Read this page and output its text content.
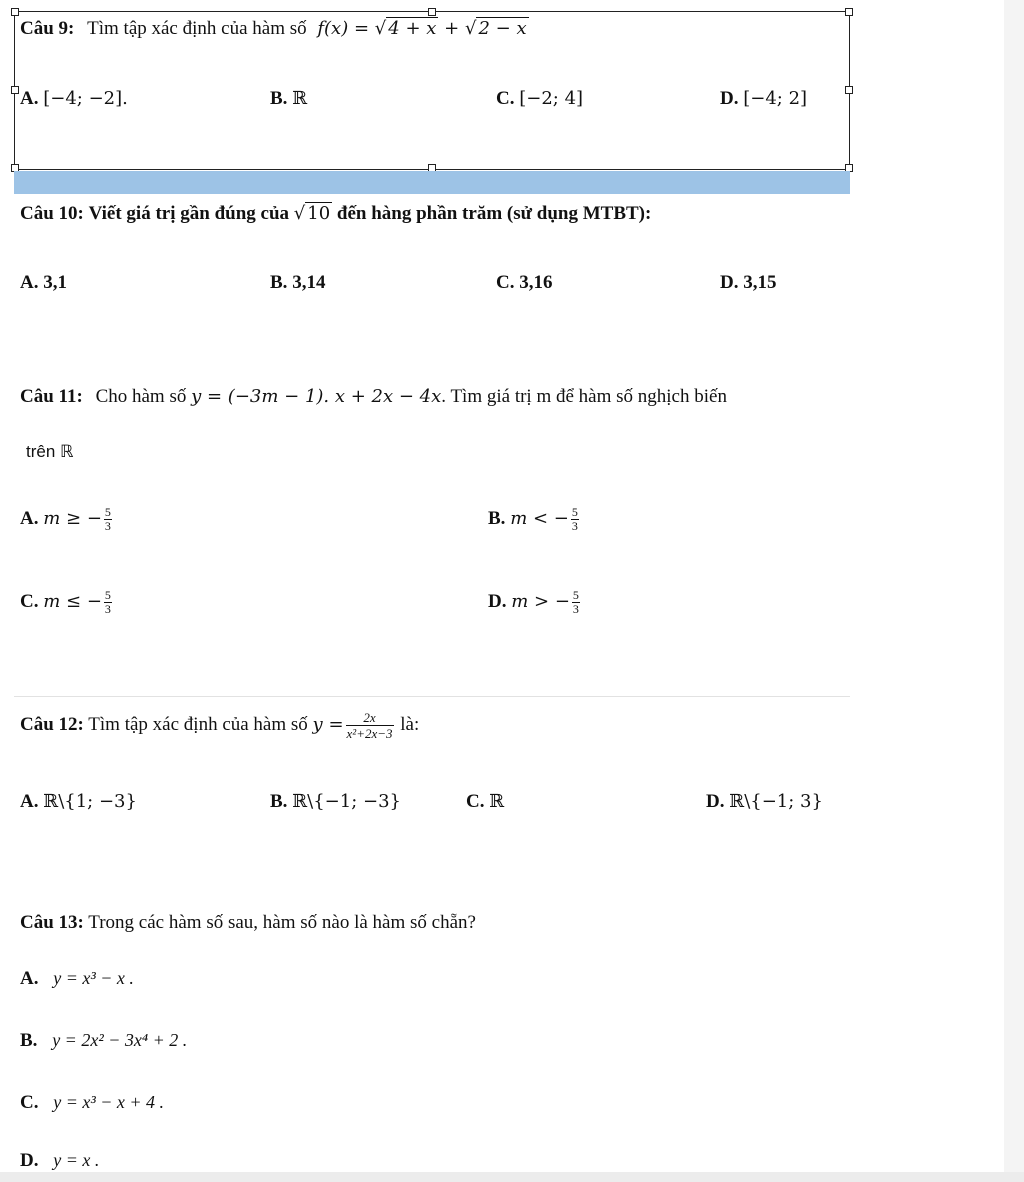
Câu 9: Tìm tập xác định của hàm số f(x) = √ 4 + x + √ 2 − x
A. [−4; −2].	B. ℝ	C. [−2; 4]	D. [−4; 2]
Câu 10: Viết giá trị gần đúng của √ 10 đến hàng phần trăm (sử dụng MTBT):
A. 3,1	B. 3,14	C. 3,16	D. 3,15
Câu 11: Cho hàm số y = (−3m − 1). x + 2x − 4x. Tìm giá trị m để hàm số nghịch biến
trên ℝ
A. m ≥ − $\frac{5}{3}$	B. m < − $\frac{5}{3}$
C. m ≤ − $\frac{5}{3}$	D. m > − $\frac{5}{3}$
Câu 12: Tìm tập xác định của hàm số $y = \frac{2x}{\text{x²+2x−3}}$ là:
A. ℝ\{1; −3}	B. ℝ\{−1; −3}	C. ℝ	D. ℝ\{−1; 3}
Câu 13: Trong các hàm số sau, hàm số nào là hàm số chẵn?
A. y = x³ − x .
B. y = 2x² − 3x⁴ + 2 .
C. y = x³ − x + 4 .
D. y = x .
